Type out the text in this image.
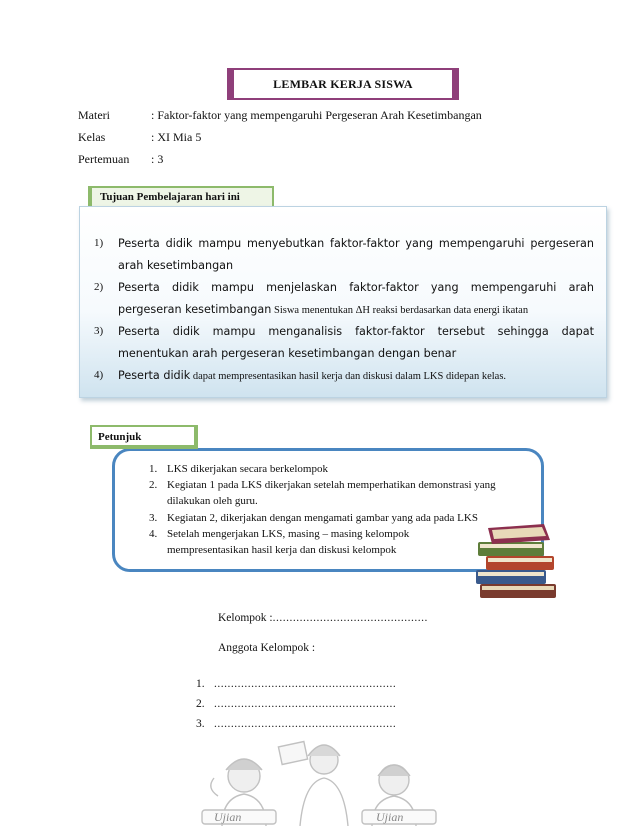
LEMBAR KERJA SISWA
Materi	: Faktor-faktor yang mempengaruhi Pergeseran Arah Kesetimbangan
Kelas	: XI Mia 5
Pertemuan : 3
Tujuan Pembelajaran hari ini
1) Peserta didik mampu menyebutkan faktor-faktor yang mempengaruhi pergeseran arah kesetimbangan
2) Peserta didik mampu menjelaskan faktor-faktor yang mempengaruhi arah pergeseran kesetimbangan Siswa menentukan ΔH reaksi berdasarkan data energi ikatan
3) Peserta didik mampu menganalisis faktor-faktor tersebut sehingga dapat menentukan arah pergeseran kesetimbangan dengan benar
4) Peserta didik dapat mempresentasikan hasil kerja dan diskusi dalam LKS didepan kelas.
1. LKS dikerjakan secara berkelompok
2. Kegiatan 1 pada LKS dikerjakan setelah memperhatikan demonstrasi yang dilakukan oleh guru.
3. Kegiatan 2, dikerjakan dengan mengamati gambar yang ada pada LKS
4. Setelah mengerjakan LKS, masing – masing kelompok mempresentasikan hasil kerja dan diskusi kelompok
Petunjuk
Kelompok :..............................................
Anggota Kelompok :
1. ......................................................
2. ......................................................
3. ......................................................
Ujian	Ujian
